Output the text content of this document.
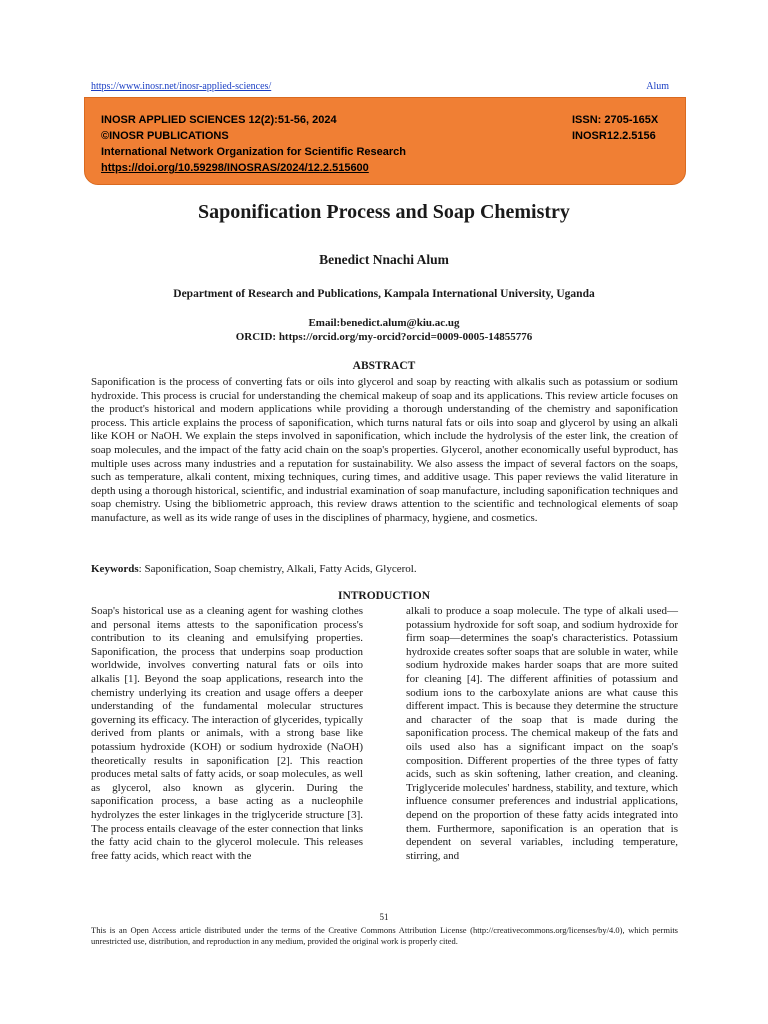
https://www.inosr.net/inosr-applied-sciences/	Alum
INOSR APPLIED SCIENCES 12(2):51-56, 2024
©INOSR PUBLICATIONS
International Network Organization for Scientific Research
https://doi.org/10.59298/INOSRAS/2024/12.2.515600
ISSN: 2705-165X
INOSR12.2.5156
Saponification Process and Soap Chemistry
Benedict Nnachi Alum
Department of Research and Publications, Kampala International University, Uganda
Email:benedict.alum@kiu.ac.ug
ORCID: https://orcid.org/my-orcid?orcid=0009-0005-14855776
ABSTRACT

Saponification is the process of converting fats or oils into glycerol and soap by reacting with alkalis such as potassium or sodium hydroxide. This process is crucial for understanding the chemical makeup of soap and its applications. This review article focuses on the product's historical and modern applications while providing a thorough understanding of the chemistry and saponification process. This article explains the process of saponification, which turns natural fats or oils into soap and glycerol by using an alkali like KOH or NaOH. We explain the steps involved in saponification, which include the hydrolysis of the ester link, the creation of soap molecules, and the impact of the fatty acid chain on the soap's properties. Glycerol, another economically useful byproduct, has multiple uses across many industries and a reputation for sustainability. We also assess the impact of several factors on the soaps, such as temperature, alkali content, mixing techniques, curing times, and additive usage. This paper reviews the valid literature in depth using a thorough historical, scientific, and industrial examination of soap manufacture, including saponification techniques and soap chemistry. Using the bibliometric approach, this review draws attention to the scientific and technological elements of soap manufacture, as well as its wide range of uses in the disciplines of pharmacy, hygiene, and cosmetics.

Keywords: Saponification, Soap chemistry, Alkali, Fatty Acids, Glycerol.

INTRODUCTION

Soap's historical use as a cleaning agent for washing clothes and personal items attests to the saponification process's contribution to its cleaning and emulsifying properties. Saponification, the process that underpins soap production worldwide, involves converting natural fats or oils into alkalis [1]. Beyond the soap applications, research into the chemistry underlying its creation and usage offers a deeper understanding of the fundamental molecular structures governing its efficacy. The interaction of glycerides, typically derived from plants or animals, with a strong base like potassium hydroxide (KOH) or sodium hydroxide (NaOH) theoretically results in saponification [2]. This reaction produces metal salts of fatty acids, or soap molecules, as well as glycerol, also known as glycerin. During the saponification process, a base acting as a nucleophile hydrolyzes the ester linkages in the triglyceride structure [3]. The process entails cleavage of the ester connection that links the fatty acid chain to the glycerol molecule. This releases free fatty acids, which react with the

alkali to produce a soap molecule. The type of alkali used—potassium hydroxide for soft soap, and sodium hydroxide for firm soap—determines the soap's characteristics. Potassium hydroxide creates softer soaps that are soluble in water, while sodium hydroxide makes harder soaps that are more suited for cleaning [4]. The different affinities of potassium and sodium ions to the carboxylate anions are what cause this different impact. This is because they determine the structure and character of the soap that is made during the saponification process. The chemical makeup of the fats and oils used also has a significant impact on the soap's composition. Different properties of the three types of fatty acids, such as skin softening, lather creation, and cleaning. Triglyceride molecules' hardness, stability, and texture, which influence consumer preferences and industrial applications, depend on the proportion of these fatty acids integrated into them. Furthermore, saponification is an operation that is dependent on several variables, including temperature, stirring, and

51

This is an Open Access article distributed under the terms of the Creative Commons Attribution License (http://creativecommons.org/licenses/by/4.0), which permits unrestricted use, distribution, and reproduction in any medium, provided the original work is properly cited.
